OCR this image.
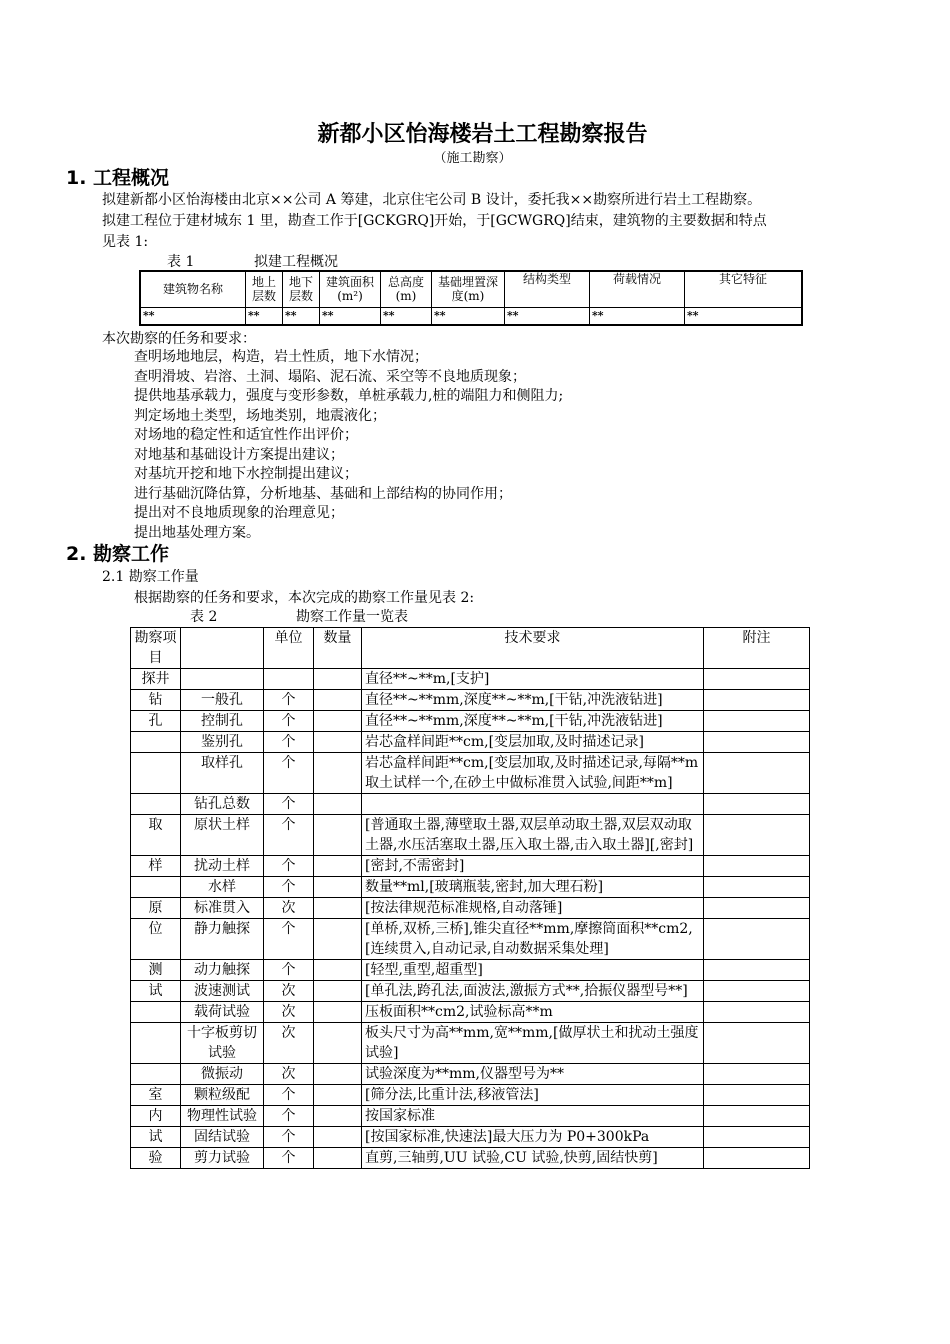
新都小区怡海楼岩土工程勘察报告
（施工勘察）
1. 工程概况

拟建新都小区怡海楼由北京××公司 A 筹建，北京住宅公司 B 设计，委托我××勘察所进行岩土工程勘察。

拟建工程位于建材城东 1 里，勘查工作于[GCKGRQ]开始，于[GCWGRQ]结束，建筑物的主要数据和特点

见表 1:

表 1	拟建工程概况
建筑物名称	地上层数	地下层数	建筑面积(m²)	总高度(m)	基础埋置深度(m)	结构类型	荷载情况	其它特征
**	**	**	**	**	**	**	**	**
本次勘察的任务和要求：
查明场地地层，构造，岩土性质，地下水情况；
查明滑坡、岩溶、土洞、塌陷、泥石流、采空等不良地质现象；
提供地基承载力，强度与变形参数，单桩承载力,桩的端阻力和侧阻力;
判定场地土类型，场地类别，地震液化；
对场地的稳定性和适宜性作出评价；
对地基和基础设计方案提出建议；
对基坑开挖和地下水控制提出建议；
进行基础沉降估算，分析地基、基础和上部结构的协同作用；
提出对不良地质现象的治理意见；
提出地基处理方案。
2. 勘察工作
2.1 勘察工作量
根据勘察的任务和要求，本次完成的勘察工作量见表 2:
表 2	勘察工作量一览表
勘察项目		单位	数量	技术要求	附注
探井				直径**~**m,[支护]	
钻	一般孔	个		直径**~**mm,深度**~**m,[干钻,冲洗液钻进]	
孔	控制孔	个		直径**~**mm,深度**~**m,[干钻,冲洗液钻进]	
	鉴别孔	个		岩芯盒样间距**cm,[变层加取,及时描述记录]	
	取样孔	个		岩芯盒样间距**cm,[变层加取,及时描述记录,每隔**m 取土试样一个,在砂土中做标准贯入试验,间距**m]	
	钻孔总数	个			
取	原状土样	个		[普通取土器,薄壁取土器,双层单动取土器,双层双动取土器,水压活塞取土器,压入取土器,击入取土器][,密封]	
样	扰动土样	个		[密封,不需密封]	
	水样	个		数量**ml,[玻璃瓶装,密封,加大理石粉]	
原	标准贯入	次		[按法律规范标准规格,自动落锤]	
位	静力触探	个		[单桥,双桥,三桥],锥尖直径**mm,摩擦筒面积**cm2,[连续贯入,自动记录,自动数据采集处理]	
测	动力触探	个		[轻型,重型,超重型]	
试	波速测试	次		[单孔法,跨孔法,面波法,激振方式**,拾振仪器型号**]	
	载荷试验	次		压板面积**cm2,试验标高**m	
	十字板剪切试验	次		板头尺寸为高**mm,宽**mm,[做厚状土和扰动土强度试验]	
	微振动	次		试验深度为**mm,仪器型号为**	
室	颗粒级配	个		[筛分法,比重计法,移液管法]	
内	物理性试验	个		按国家标准	
试	固结试验	个		[按国家标准,快速法]最大压力为 P0+300kPa	
验	剪力试验	个		直剪,三轴剪,UU 试验,CU 试验,快剪,固结快剪]	
